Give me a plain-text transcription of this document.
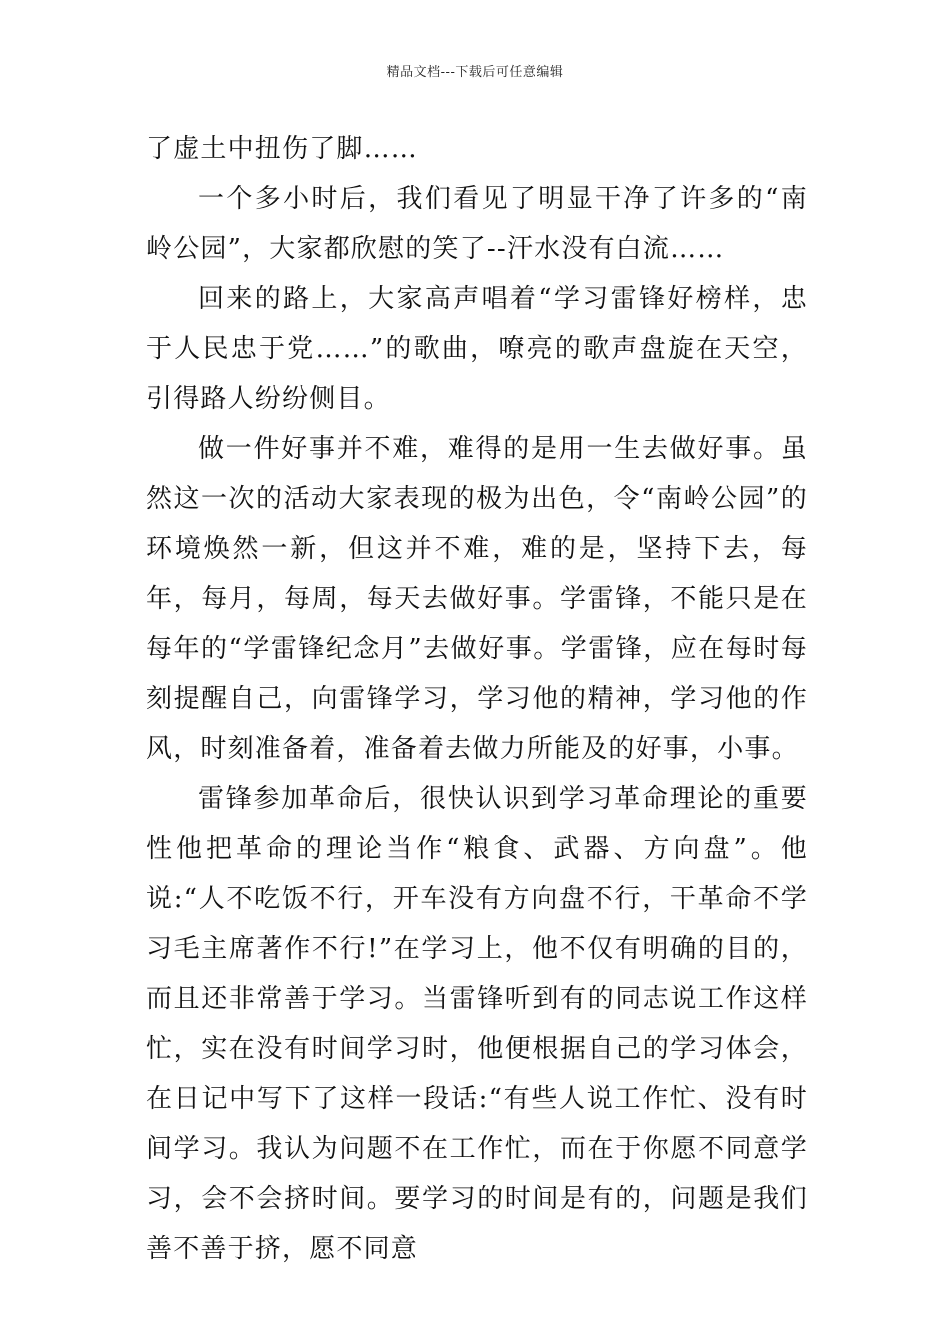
精品文档---下载后可任意编辑

了虚土中扭伤了脚……

一个多小时后，我们看见了明显干净了许多的“南岭公园”，大家都欣慰的笑了--汗水没有白流……

回来的路上，大家高声唱着“学习雷锋好榜样，忠于人民忠于党……”的歌曲，嘹亮的歌声盘旋在天空，引得路人纷纷侧目。

做一件好事并不难，难得的是用一生去做好事。虽然这一次的活动大家表现的极为出色，令“南岭公园”的环境焕然一新，但这并不难，难的是，坚持下去，每年，每月，每周，每天去做好事。学雷锋，不能只是在每年的“学雷锋纪念月”去做好事。学雷锋，应在每时每刻提醒自己，向雷锋学习，学习他的精神，学习他的作风，时刻准备着，准备着去做力所能及的好事，小事。

雷锋参加革命后，很快认识到学习革命理论的重要性他把革命的理论当作“粮食、武器、方向盘”。他说:“人不吃饭不行，开车没有方向盘不行，干革命不学习毛主席著作不行!”在学习上，他不仅有明确的目的，而且还非常善于学习。当雷锋听到有的同志说工作这样忙，实在没有时间学习时，他便根据自己的学习体会，在日记中写下了这样一段话:“有些人说工作忙、没有时间学习。我认为问题不在工作忙，而在于你愿不同意学习，会不会挤时间。要学习的时间是有的，问题是我们善不善于挤，愿不同意
